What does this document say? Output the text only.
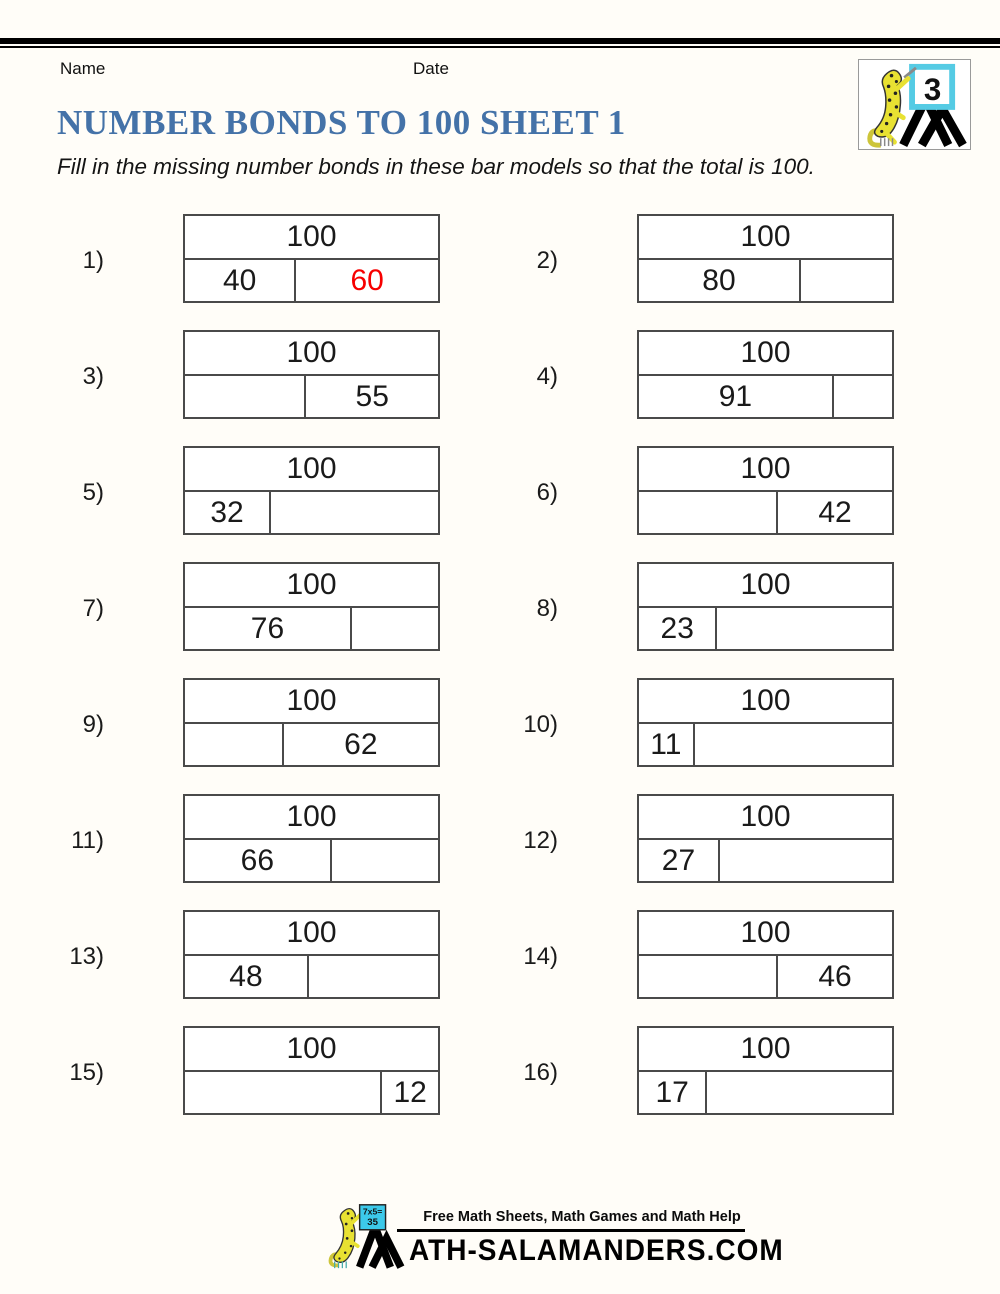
Name	Date
3
NUMBER BONDS TO 100 SHEET 1
Fill in the missing number bonds in these bar models so that the total is 100.
1)
100
40	60
2)
100
80
3)
100
55
4)
100
91
5)
100
32
6)
100
42
7)
100
76
8)
100
23
9)
100
62
10)
100
11
11)
100
66
12)
100
27
13)
100
48
14)
100
46
15)
100
12
16)
100
17
7x5=
35	Free Math Sheets, Math Games and Math Help
ATH-SALAMANDERS.COM
